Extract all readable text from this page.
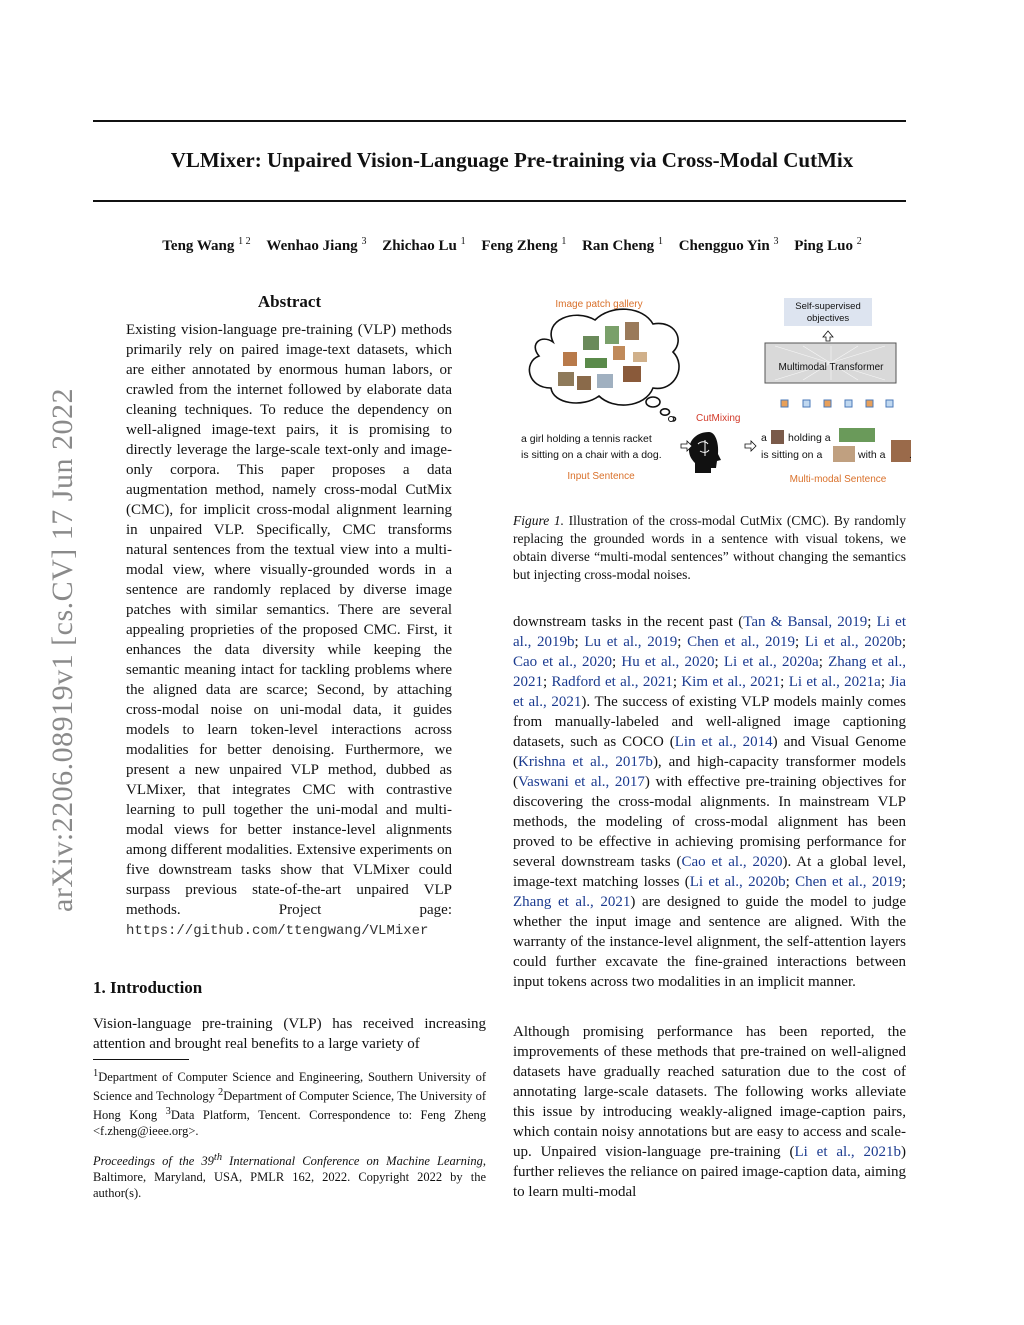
VLMixer: Unpaired Vision-Language Pre-training via Cross-Modal CutMix
Teng Wang $^{1 2}$ Wenhao Jiang $^3$ Zhichao Lu $^1$ Feng Zheng $^1$ Ran Cheng $^1$ Chengguo Yin $^3$ Ping Luo $^2$
arXiv:2206.08919v1 [cs.CV] 17 Jun 2022
Abstract
Existing vision-language pre-training (VLP) methods primarily rely on paired image-text datasets, which are either annotated by enormous human labors, or crawled from the internet followed by elaborate data cleaning techniques. To reduce the dependency on well-aligned image-text pairs, it is promising to directly leverage the large-scale text-only and image-only corpora. This paper proposes a data augmentation method, namely cross-modal CutMix (CMC), for implicit cross-modal alignment learning in unpaired VLP. Specifically, CMC transforms natural sentences from the textual view into a multi-modal view, where visually-grounded words in a sentence are randomly replaced by diverse image patches with similar semantics. There are several appealing proprieties of the proposed CMC. First, it enhances the data diversity while keeping the semantic meaning intact for tackling problems where the aligned data are scarce; Second, by attaching cross-modal noise on uni-modal data, it guides models to learn token-level interactions across modalities for better denoising. Furthermore, we present a new unpaired VLP method, dubbed as VLMixer, that integrates CMC with contrastive learning to pull together the uni-modal and multi-modal views for better instance-level alignments among different modalities. Extensive experiments on five downstream tasks show that VLMixer could surpass previous state-of-the-art unpaired VLP methods. Project page: https://github.com/ttengwang/VLMixer
1. Introduction
Vision-language pre-training (VLP) has received increasing attention and brought real benefits to a large variety of
$^1$Department of Computer Science and Engineering, Southern University of Science and Technology $^2$Department of Computer Science, The University of Hong Kong $^3$Data Platform, Tencent. Correspondence to: Feng Zheng <f.zheng@ieee.org>.
Proceedings of the 39th International Conference on Machine Learning, Baltimore, Maryland, USA, PMLR 162, 2022. Copyright 2022 by the author(s).
Image patch gallery	Self-supervised objectives
Multimodal Transformer
CutMixing
a girl holding a tennis racket
is sitting on a chair with a dog.
Input Sentence
a holding a
is sitting on a	with a .
Multi-modal Sentence
Figure 1. Illustration of the cross-modal CutMix (CMC). By randomly replacing the grounded words in a sentence with visual tokens, we obtain diverse “multi-modal sentences” without changing the semantics but injecting cross-modal noises.
downstream tasks in the recent past (Tan & Bansal, 2019; Li et al., 2019b; Lu et al., 2019; Chen et al., 2019; Li et al., 2020b; Cao et al., 2020; Hu et al., 2020; Li et al., 2020a; Zhang et al., 2021; Radford et al., 2021; Kim et al., 2021; Li et al., 2021a; Jia et al., 2021). The success of existing VLP models mainly comes from manually-labeled and well-aligned image captioning datasets, such as COCO (Lin et al., 2014) and Visual Genome (Krishna et al., 2017b), and high-capacity transformer models (Vaswani et al., 2017) with effective pre-training objectives for discovering the cross-modal alignments. In mainstream VLP methods, the modeling of cross-modal alignment has been proved to be effective in achieving promising performance for several downstream tasks (Cao et al., 2020). At a global level, image-text matching losses (Li et al., 2020b; Chen et al., 2019; Zhang et al., 2021) are designed to guide the model to judge whether the input image and sentence are aligned. With the warranty of the instance-level alignment, the self-attention layers could further excavate the fine-grained interactions between input tokens across two modalities in an implicit manner.
Although promising performance has been reported, the improvements of these methods that pre-trained on well-aligned datasets have gradually reached saturation due to the cost of annotating large-scale datasets. The following works alleviate this issue by introducing weakly-aligned image-caption pairs, which contain noisy annotations but are easy to access and scale-up. Unpaired vision-language pre-training (Li et al., 2021b) further relieves the reliance on paired image-caption data, aiming to learn multi-modal
